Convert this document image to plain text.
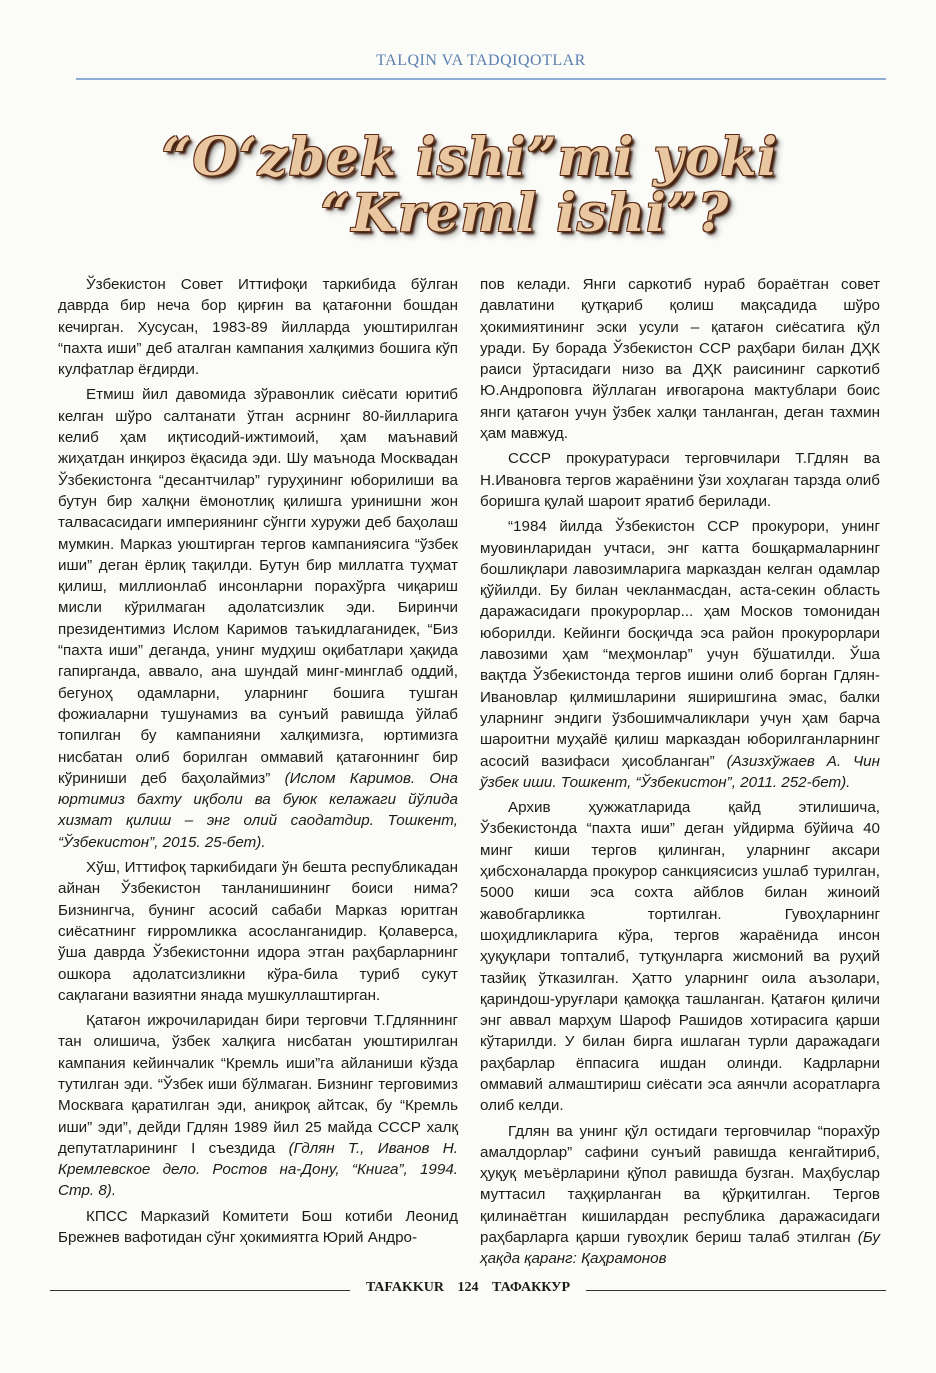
TALQIN VA TADQIQOTLAR
“O‘zbek ishi”mi yoki
“Kreml ishi”?

Ўзбекистон Совет Иттифоқи таркибида бўлган даврда бир неча бор қирғин ва қатағонни бошдан кечирган. Хусусан, 1983-89 йилларда уюштирилган “пахта иши” деб аталган кампания халқимиз бошига кўп кулфатлар ёғдирди.

Етмиш йил давомида зўравонлик сиёсати юритиб келган шўро салтанати ўтган асрнинг 80-йилларига келиб ҳам иқтисодий-ижтимоий, ҳам маънавий жиҳатдан инқироз ёқасида эди. Шу маънода Москвадан Ўзбекистонга “десантчилар” гуруҳининг юборилиши ва бутун бир халқни ёмонотлиқ қилишга уринишни жон талвасасидаги империянинг сўнгги хуружи деб баҳолаш мумкин. Марказ уюштирган тергов кампаниясига “ўзбек иши” деган ёрлиқ тақилди. Бутун бир миллатга туҳмат қилиш, миллионлаб инсонларни порахўрга чиқариш мисли кўрилмаган адолатсизлик эди. Биринчи президентимиз Ислом Каримов таъкидлаганидек, “Биз “пахта иши” деганда, унинг мудҳиш оқибатлари ҳақида гапирганда, аввало, ана шундай минг-минглаб оддий, бегуноҳ одамларни, уларнинг бошига тушган фожиаларни тушунамиз ва сунъий равишда ўйлаб топилган бу кампанияни халқимизга, юртимизга нисбатан олиб борилган оммавий қатағоннинг бир кўриниши деб баҳолаймиз” (Ислом Каримов. Она юртимиз бахту иқболи ва буюк келажаги йўлида хизмат қилиш – энг олий саодатдир. Тошкент, “Ўзбекистон”, 2015. 25-бет).

Хўш, Иттифоқ таркибидаги ўн бешта республикадан айнан Ўзбекистон танланишининг боиси нима? Бизнингча, бунинг асосий сабаби Марказ юритган сиёсатнинг ғирромликка асосланганидир. Қолаверса, ўша даврда Ўзбекистонни идора этган раҳбарларнинг ошкора адолатсизликни кўра-била туриб сукут сақлагани вазиятни янада мушкуллаштирган.

Қатағон ижрочиларидан бири терговчи Т.Гдляннинг тан олишича, ўзбек халқига нисбатан уюштирилган кампания кейинчалик “Кремль иши”га айланиши кўзда тутилган эди. “Ўзбек иши бўлмаган. Бизнинг терговимиз Москвага қаратилган эди, аниқроқ айтсак, бу “Кремль иши” эди”, дейди Гдлян 1989 йил 25 майда СССР халқ депутатларининг I съездида (Гдлян Т., Иванов Н. Кремлевское дело. Ростов на-Дону, “Книга”, 1994. Стр. 8).

КПСС Марказий Комитети Бош котиби Леонид Брежнев вафотидан сўнг ҳокимиятга Юрий Андро-

пов келади. Янги саркотиб нураб бораётган совет давлатини қутқариб қолиш мақсадида шўро ҳокимиятининг эски усули – қатағон сиёсатига қўл уради. Бу борада Ўзбекистон ССР раҳбари билан ДҲК раиси ўртасидаги низо ва ДҲК раисининг саркотиб Ю.Андроповга йўллаган иғвогарона мактублари боис янги қатағон учун ўзбек халқи танланган, деган тахмин ҳам мавжуд.

СССР прокуратураси терговчилари Т.Гдлян ва Н.Ивановга тергов жараёнини ўзи хоҳлаган тарзда олиб боришга қулай шароит яратиб берилади.

“1984 йилда Ўзбекистон ССР прокурори, унинг муовинларидан учтаси, энг катта бошқармаларнинг бошлиқлари лавозимларига марказдан келган одамлар қўйилди. Бу билан чекланмасдан, аста-секин область даражасидаги прокурорлар... ҳам Москов томонидан юборилди. Кейинги босқичда эса район прокурорлари лавозими ҳам “меҳмонлар” учун бўшатилди. Ўша вақтда Ўзбекистонда тергов ишини олиб борган Гдлян-Ивановлар қилмишларини яширишгина эмас, балки уларнинг эндиги ўзбошимчаликлари учун ҳам барча шароитни муҳайё қилиш марказдан юборилганларнинг асосий вазифаси ҳисобланган” (Азизхўжаев А. Чин ўзбек иши. Тошкент, “Ўзбекистон”, 2011. 252-бет).

Архив ҳужжатларида қайд этилишича, Ўзбекистонда “пахта иши” деган уйдирма бўйича 40 минг киши тергов қилинган, уларнинг аксари ҳибсхоналарда прокурор санкциясисиз ушлаб турилган, 5000 киши эса сохта айблов билан жиноий жавобгарликка тортилган. Гувоҳларнинг шоҳидликларига кўра, тергов жараёнида инсон ҳуқуқлари топталиб, тутқунларга жисмоний ва руҳий тазйиқ ўтказилган. Ҳатто уларнинг оила аъзолари, қариндош-уруғлари қамоққа ташланган. Қатағон қиличи энг аввал марҳум Шароф Рашидов хотирасига қарши кўтарилди. У билан бирга ишлаган турли даражадаги раҳбарлар ёппасига ишдан олинди. Кадрларни оммавий алмаштириш сиёсати эса аянчли асоратларга олиб келди.

Гдлян ва унинг қўл остидаги терговчилар “порахўр амалдорлар” сафини сунъий равишда кенгайтириб, ҳуқуқ меъёрларини қўпол равишда бузган. Маҳбуслар муттасил таҳқирланган ва қўрқитилган. Тергов қилинаётган кишилардан республика даражасидаги раҳбарларга қарши гувоҳлик бериш талаб этилган (Бу ҳақда қаранг: Қаҳрамонов

TAFAKKUR 124 ТАФАККУР
